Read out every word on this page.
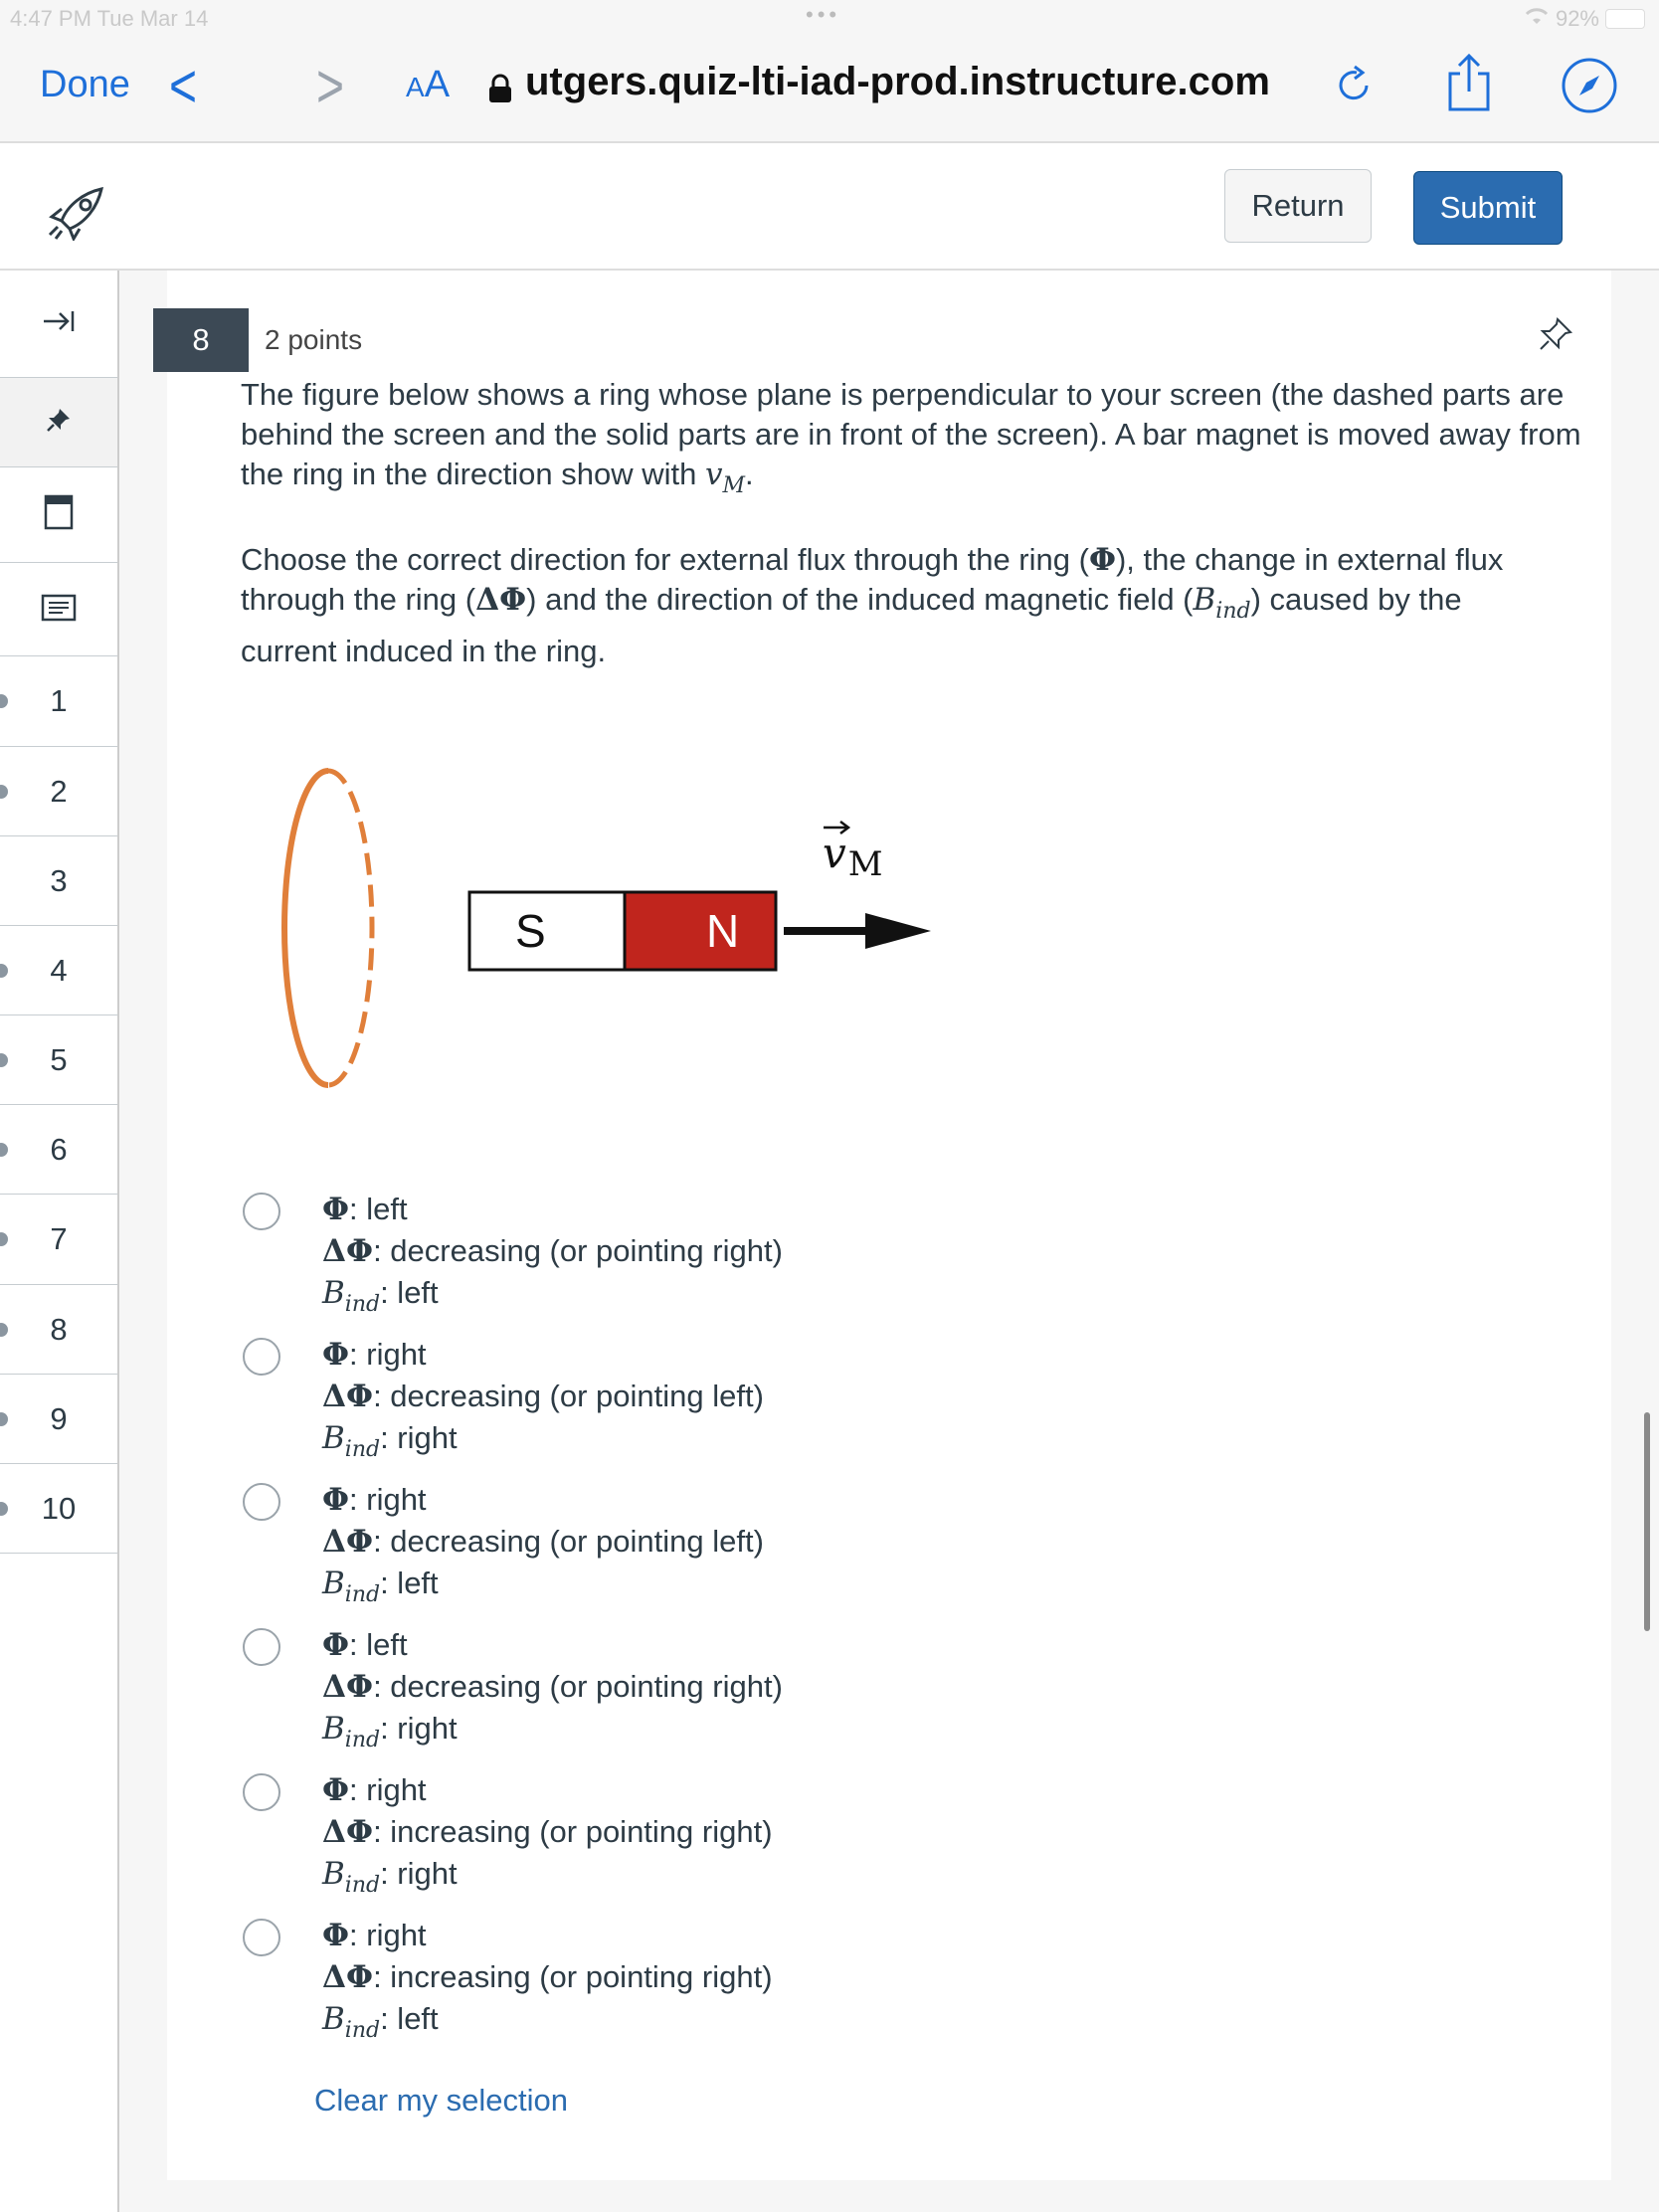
4:47 PM Tue Mar 14	•••	92%
Done < > AA utgers.quiz-lti-iad-prod.instructure.com
Return	Submit
1
2
3
4
5
6
7
8
9
10
8	2 points
The figure below shows a ring whose plane is perpendicular to your screen (the dashed parts are
behind the screen and the solid parts are in front of the screen). A bar magnet is moved away from
the ring in the direction show with $v_M$.
Choose the correct direction for external flux through the ring (Φ), the change in external flux
through the ring (ΔΦ) and the direction of the induced magnetic field $(B_{ind})$ caused by the
current induced in the ring.
S	N
vM
Φ: left
ΔΦ: decreasing (or pointing right)
$B_{ind}$: left
Φ: right
ΔΦ: decreasing (or pointing left)
$B_{ind}$: right
Φ: right
ΔΦ: decreasing (or pointing left)
$B_{ind}$: left
Φ: left
ΔΦ: decreasing (or pointing right)
$B_{ind}$: right
Φ: right
ΔΦ: increasing (or pointing right)
$B_{ind}$: right
Φ: right
ΔΦ: increasing (or pointing right)
$B_{ind}$: left
Clear my selection
